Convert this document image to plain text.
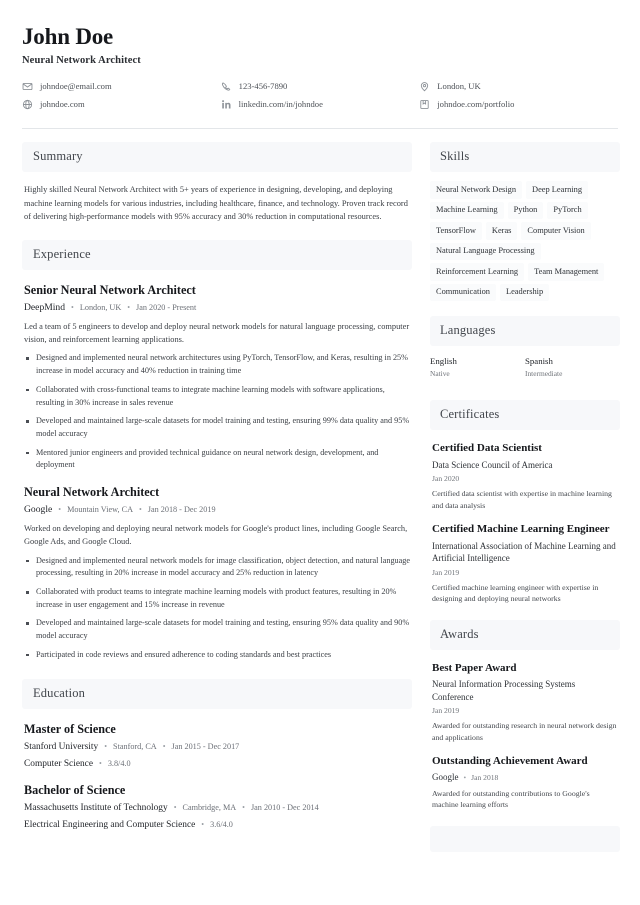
John Doe
Neural Network Architect
johndoe@email.com	123-456-7890	London, UK
johndoe.com	linkedin.com/in/johndoe	johndoe.com/portfolio
Summary
Highly skilled Neural Network Architect with 5+ years of experience in designing, developing, and deploying machine learning models for various industries, including healthcare, finance, and technology. Proven track record of delivering high-performance models with 95% accuracy and 30% reduction in computational resources.
Experience
Senior Neural Network Architect
DeepMind • London, UK • Jan 2020 - Present
Led a team of 5 engineers to develop and deploy neural network models for natural language processing, computer vision, and reinforcement learning applications.
Designed and implemented neural network architectures using PyTorch, TensorFlow, and Keras, resulting in 25% increase in model accuracy and 40% reduction in training time
Collaborated with cross-functional teams to integrate machine learning models with software applications, resulting in 30% increase in sales revenue
Developed and maintained large-scale datasets for model training and testing, ensuring 99% data quality and 95% model accuracy
Mentored junior engineers and provided technical guidance on neural network design, development, and deployment
Neural Network Architect
Google • Mountain View, CA • Jan 2018 - Dec 2019
Worked on developing and deploying neural network models for Google's product lines, including Google Search, Google Ads, and Google Cloud.
Designed and implemented neural network models for image classification, object detection, and natural language processing, resulting in 20% increase in model accuracy and 25% reduction in latency
Collaborated with product teams to integrate machine learning models with product features, resulting in 20% increase in user engagement and 15% increase in revenue
Developed and maintained large-scale datasets for model training and testing, ensuring 95% data quality and 90% model accuracy
Participated in code reviews and ensured adherence to coding standards and best practices
Education
Master of Science
Stanford University • Stanford, CA • Jan 2015 - Dec 2017
Computer Science • 3.8/4.0
Bachelor of Science
Massachusetts Institute of Technology • Cambridge, MA • Jan 2010 - Dec 2014
Electrical Engineering and Computer Science • 3.6/4.0
Skills
Neural Network Design	Deep Learning
Machine Learning	Python	PyTorch
TensorFlow	Keras	Computer Vision
Natural Language Processing
Reinforcement Learning	Team Management
Communication	Leadership
Languages
English
Native
Spanish
Intermediate
Certificates
Certified Data Scientist
Data Science Council of America
Jan 2020
Certified data scientist with expertise in machine learning and data analysis
Certified Machine Learning Engineer
International Association of Machine Learning and Artificial Intelligence
Jan 2019
Certified machine learning engineer with expertise in designing and deploying neural networks
Awards
Best Paper Award
Neural Information Processing Systems Conference
Jan 2019
Awarded for outstanding research in neural network design and applications
Outstanding Achievement Award
Google • Jan 2018
Awarded for outstanding contributions to Google's machine learning efforts
